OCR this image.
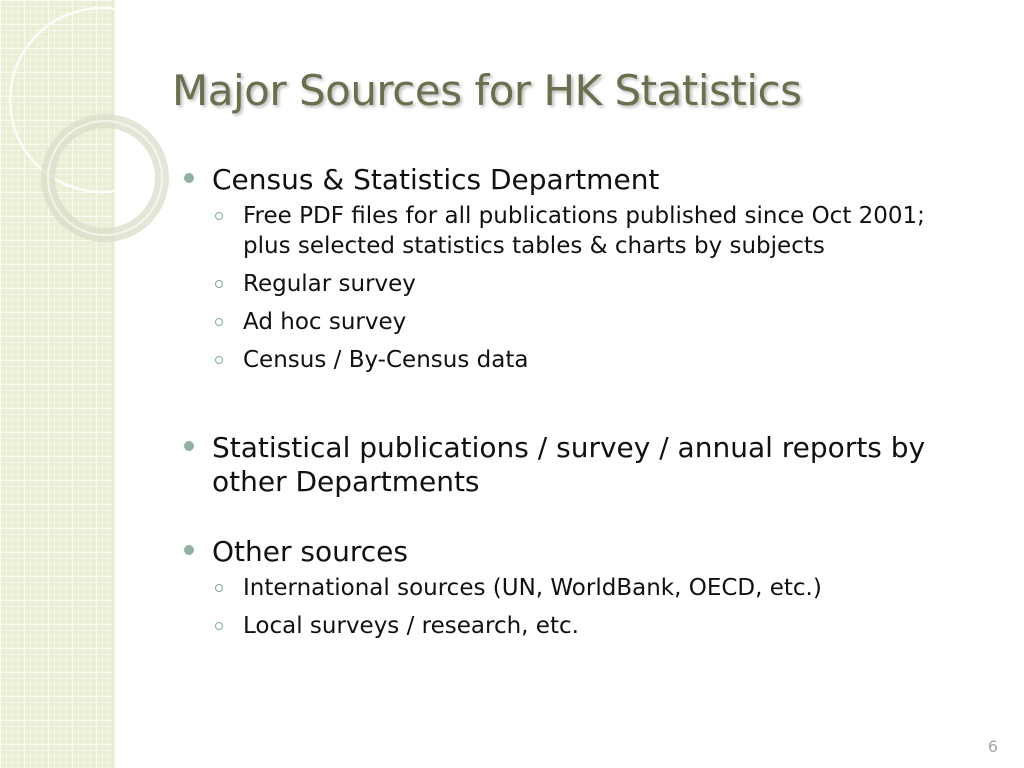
Major Sources for HK Statistics
Census & Statistics Department
Free PDF files for all publications published since Oct 2001; plus selected statistics tables & charts by subjects
Regular survey
Ad hoc survey
Census / By-Census data
Statistical publications / survey / annual reports by other Departments
Other sources
International sources (UN, WorldBank, OECD, etc.)
Local surveys / research, etc.
6
